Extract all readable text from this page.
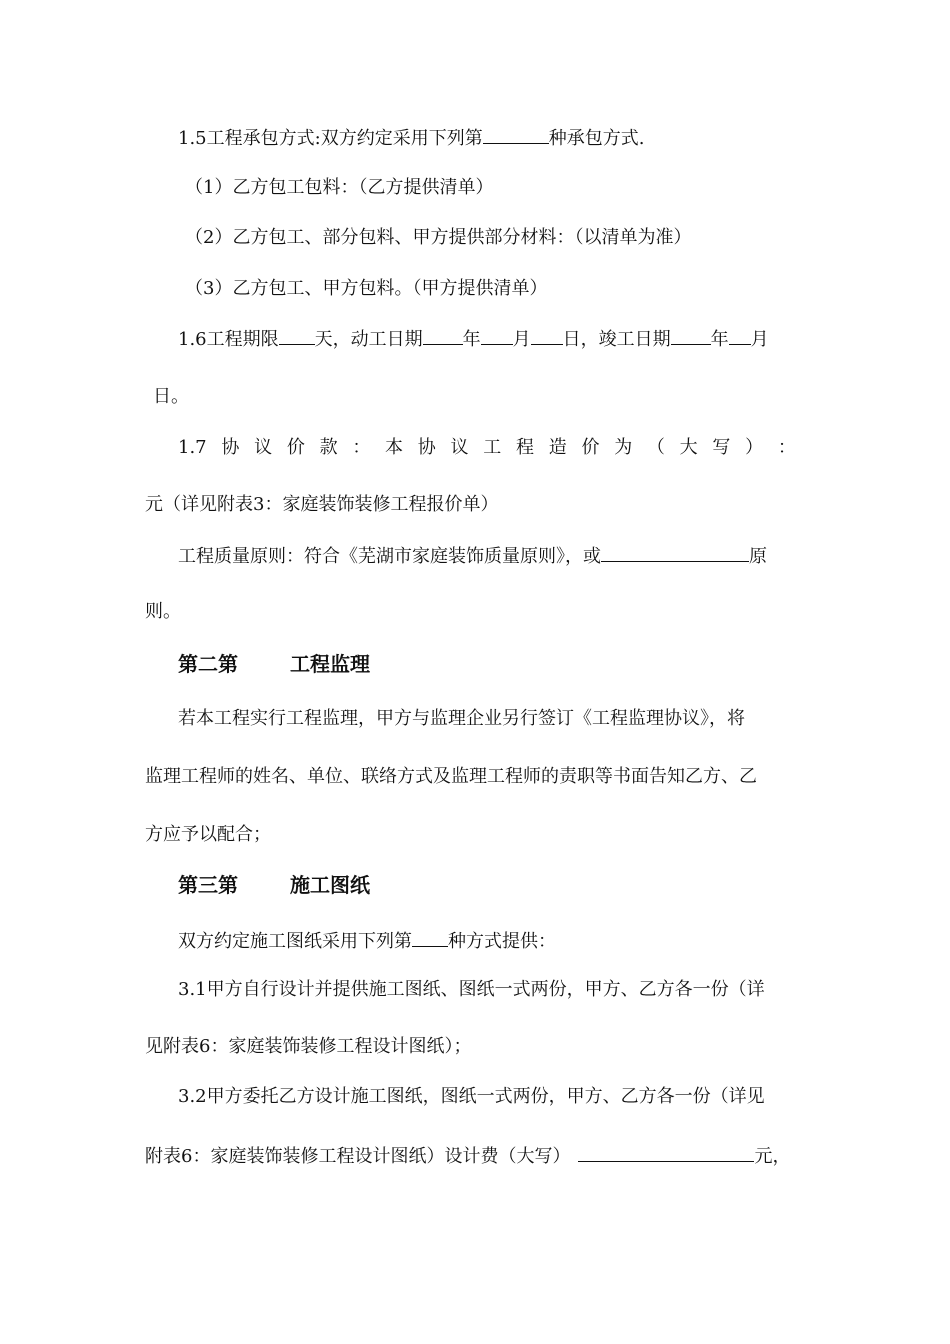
1.5工程承包方式:双方约定采用下列第	种承包方式.
（1）乙方包工包料：（乙方提供清单）
（2）乙方包工、部分包料、甲方提供部分材料：（以清单为准）
（3）乙方包工、甲方包料。（甲方提供清单）
1.6工程期限 天，动工日期 年 月 日，竣工日期 年 月
日。
1.7 协 议 价 款 ： 本 协 议 工 程 造 价 为 （ 大 写 ） ：
元（详见附表3：家庭装饰装修工程报价单）
工程质量原则：符合《芜湖市家庭装饰质量原则》，或	原
则。
第二第	工程监理
若本工程实行工程监理，甲方与监理企业另行签订《工程监理协议》，将
监理工程师的姓名、单位、联络方式及监理工程师的责职等书面告知乙方、乙
方应予以配合；
第三第	施工图纸
双方约定施工图纸采用下列第 种方式提供：
3.1甲方自行设计并提供施工图纸、图纸一式两份，甲方、乙方各一份（详
见附表6：家庭装饰装修工程设计图纸）；
3.2甲方委托乙方设计施工图纸，图纸一式两份，甲方、乙方各一份（详见
附表6：家庭装饰装修工程设计图纸）设计费（大写）	元，
